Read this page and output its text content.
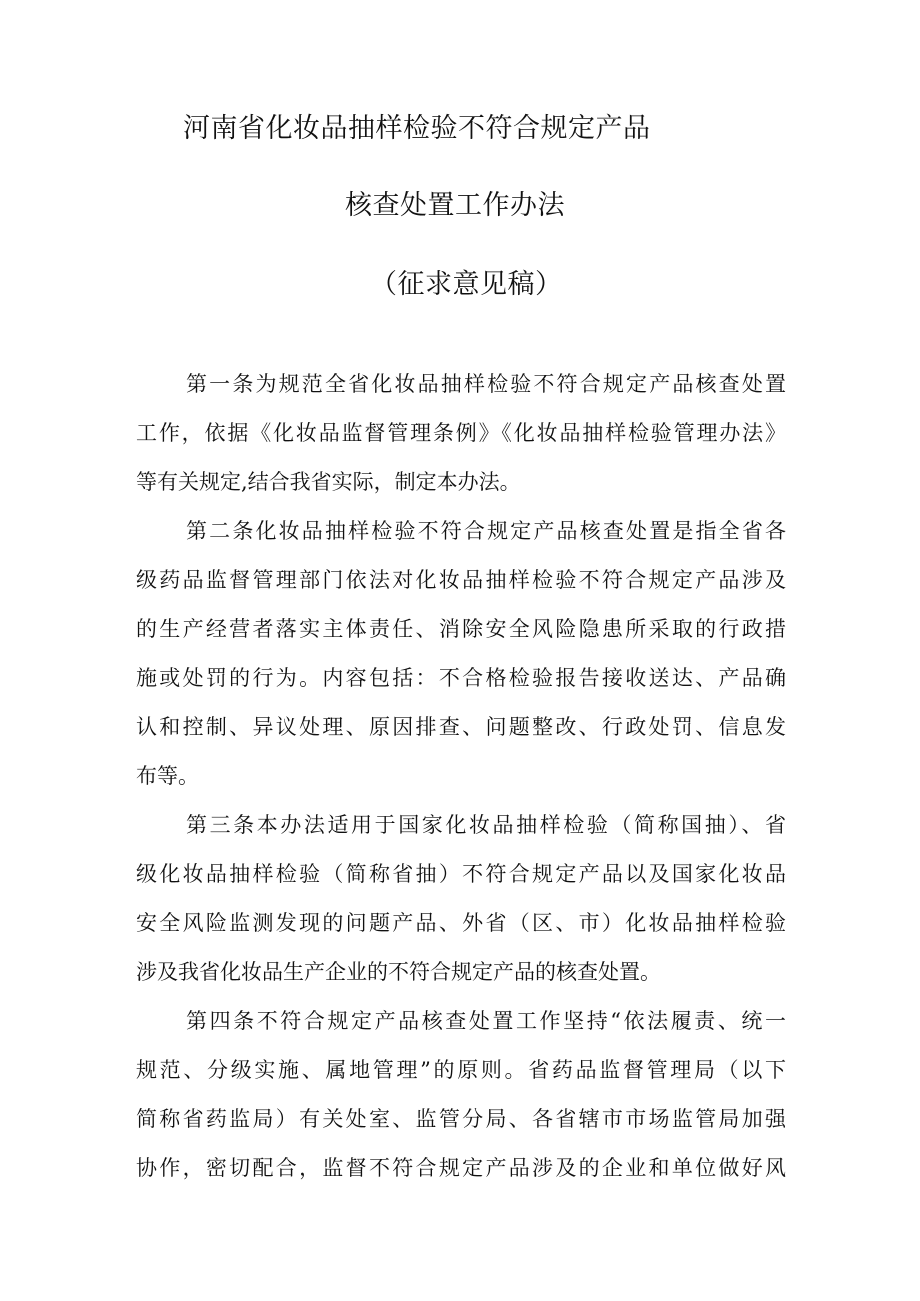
河南省化妆品抽样检验不符合规定产品
核查处置工作办法
（征求意见稿）
第一条为规范全省化妆品抽样检验不符合规定产品核查处置
工作，依据《化妆品监督管理条例》《化妆品抽样检验管理办法》
等有关规定,结合我省实际，制定本办法。
第二条化妆品抽样检验不符合规定产品核查处置是指全省各
级药品监督管理部门依法对化妆品抽样检验不符合规定产品涉及
的生产经营者落实主体责任、消除安全风险隐患所采取的行政措
施或处罚的行为。内容包括：不合格检验报告接收送达、产品确
认和控制、异议处理、原因排查、问题整改、行政处罚、信息发
布等。
第三条本办法适用于国家化妆品抽样检验（简称国抽）、省
级化妆品抽样检验（简称省抽）不符合规定产品以及国家化妆品
安全风险监测发现的问题产品、外省（区、市）化妆品抽样检验
涉及我省化妆品生产企业的不符合规定产品的核查处置。
第四条不符合规定产品核查处置工作坚持“依法履责、统一
规范、分级实施、属地管理”的原则。省药品监督管理局（以下
简称省药监局）有关处室、监管分局、各省辖市市场监管局加强
协作，密切配合，监督不符合规定产品涉及的企业和单位做好风
